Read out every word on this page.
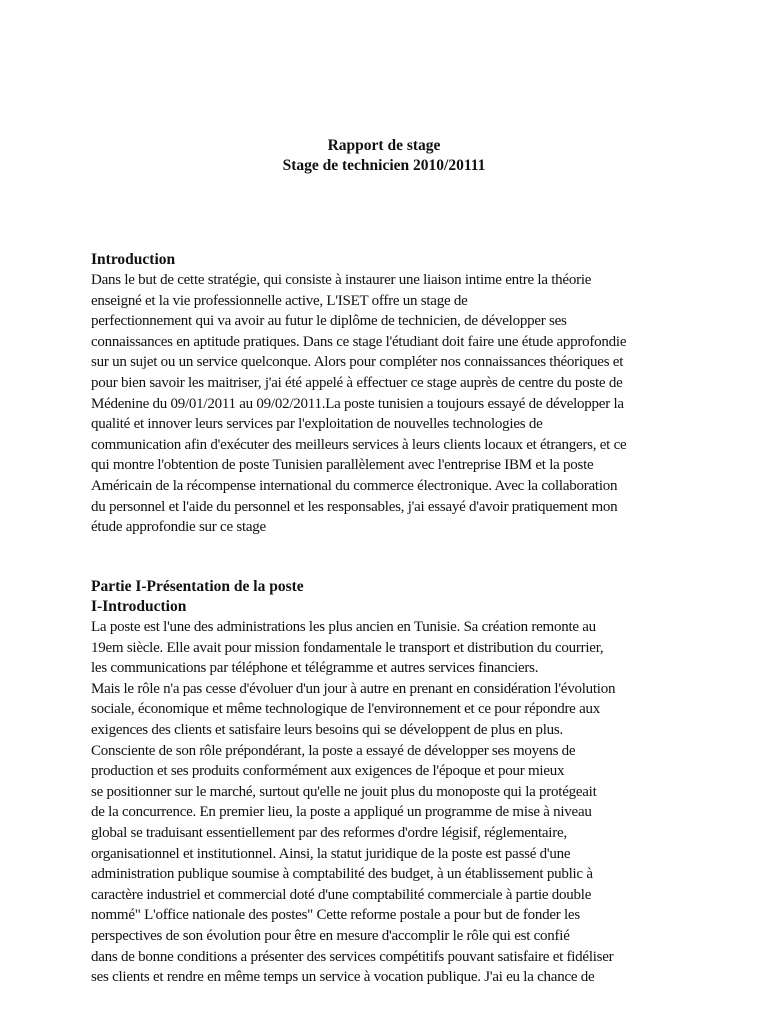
Rapport de stage
Stage de technicien 2010/20111

Introduction

Dans le but de cette stratégie, qui consiste à instaurer une liaison intime entre la théorie
enseigné et la vie professionnelle active, L'ISET offre un stage de
perfectionnement qui va avoir au futur le diplôme de technicien, de développer ses
connaissances en aptitude pratiques. Dans ce stage l'étudiant doit faire une étude approfondie
sur un sujet ou un service quelconque. Alors pour compléter nos connaissances théoriques et
pour bien savoir les maitriser, j'ai été appelé à effectuer ce stage auprès de centre du poste de
Médenine du 09/01/2011 au 09/02/2011.La poste tunisien a toujours essayé de développer la
qualité et innover leurs services par l'exploitation de nouvelles technologies de
communication afin d'exécuter des meilleurs services à leurs clients locaux et étrangers, et ce
qui montre l'obtention de poste Tunisien parallèlement avec l'entreprise IBM et la poste
Américain de la récompense international du commerce électronique. Avec la collaboration
du personnel et l'aide du personnel et les responsables, j'ai essayé d'avoir pratiquement mon
étude approfondie sur ce stage

Partie I-Présentation de la poste

I-Introduction

La poste est l'une des administrations les plus ancien en Tunisie. Sa création remonte au
19em siècle. Elle avait pour mission fondamentale le transport et distribution du courrier,
les communications par téléphone et télégramme et autres services financiers.
Mais le rôle n'a pas cesse d'évoluer d'un jour à autre en prenant en considération l'évolution
sociale, économique et même technologique de l'environnement et ce pour répondre aux
exigences des clients et satisfaire leurs besoins qui se développent de plus en plus.
Consciente de son rôle prépondérant, la poste a essayé de développer ses moyens de
production et ses produits conformément aux exigences de l'époque et pour mieux
se positionner sur le marché, surtout qu'elle ne jouit plus du monoposte qui la protégeait
de la concurrence. En premier lieu, la poste a appliqué un programme de mise à niveau
global se traduisant essentiellement par des reformes d'ordre légisif, réglementaire,
organisationnel et institutionnel. Ainsi, la statut juridique de la poste est passé d'une
administration publique soumise à comptabilité des budget, à un établissement public à
caractère industriel et commercial doté d'une comptabilité commerciale à partie double
nommé" L'office nationale des postes" Cette reforme postale a pour but de fonder les
perspectives de son évolution pour être en mesure d'accomplir le rôle qui est confié
dans de bonne conditions a présenter des services compétitifs pouvant satisfaire et fidéliser
ses clients et rendre en même temps un service à vocation publique. J'ai eu la chance de
